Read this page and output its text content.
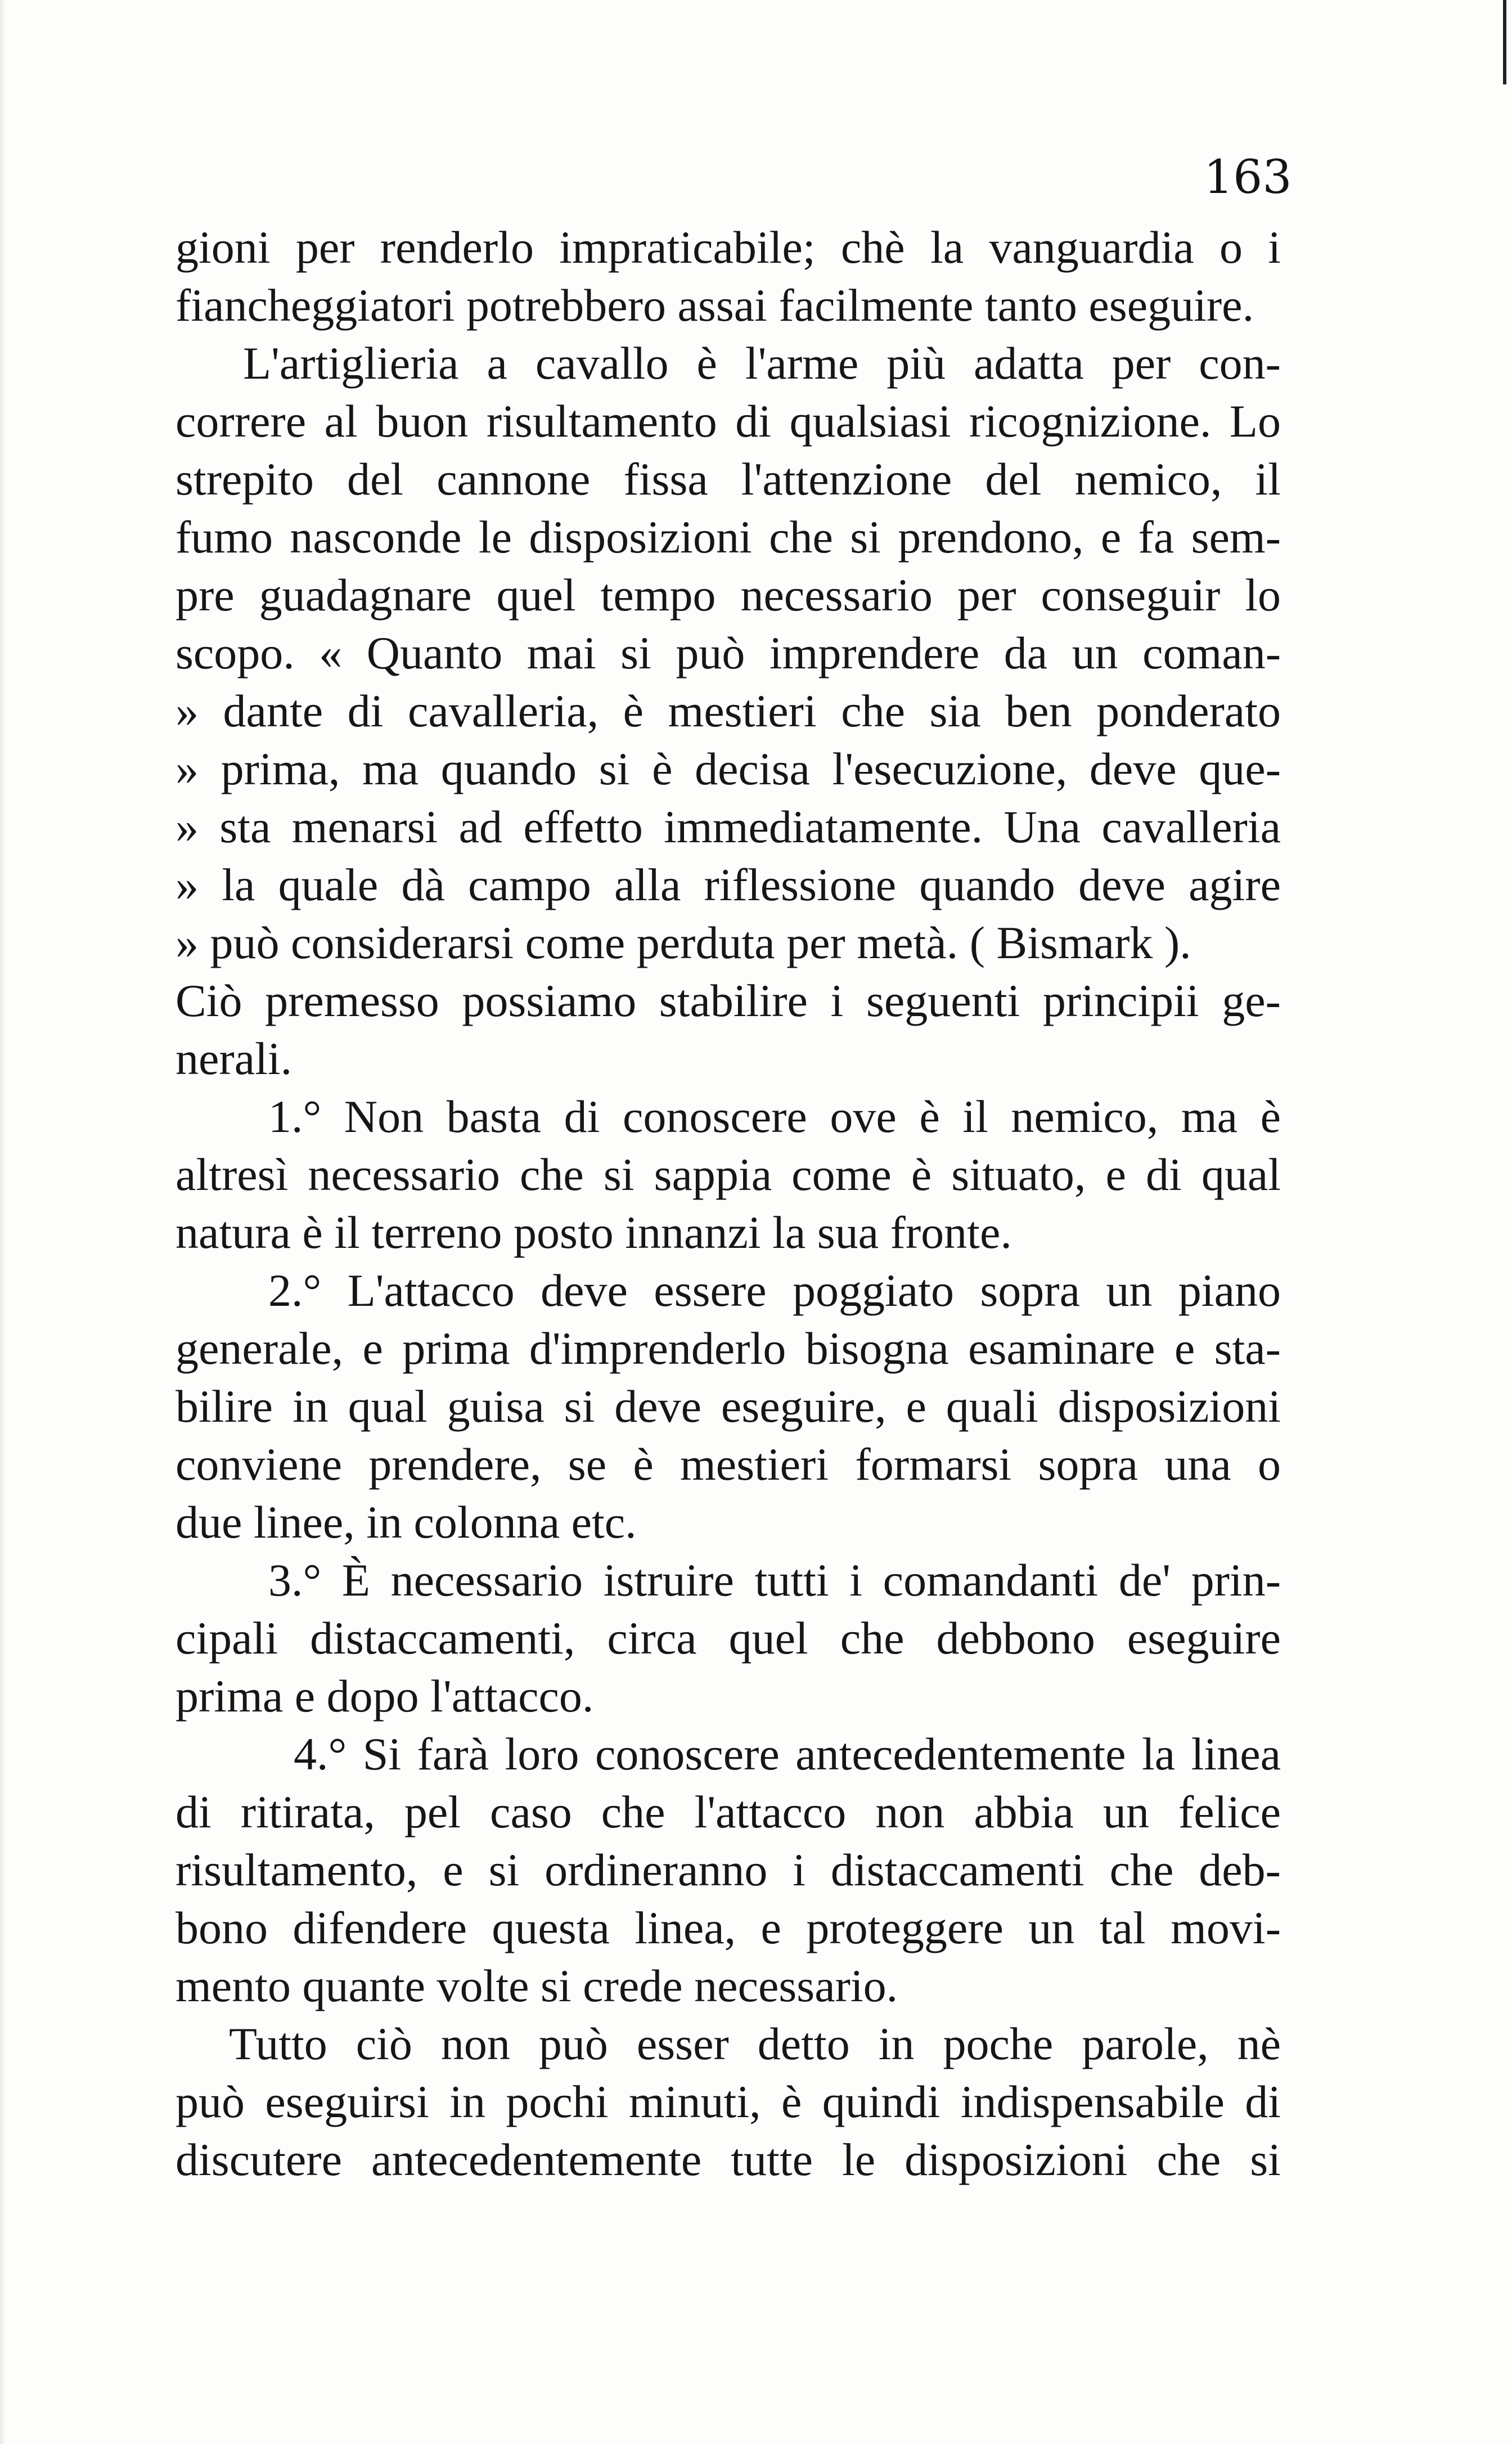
163
gioni per renderlo impraticabile; chè la vanguardia o i
fiancheggiatori potrebbero assai facilmente tanto eseguire.
L'artiglieria a cavallo è l'arme più adatta per con-
correre al buon risultamento di qualsiasi ricognizione. Lo
strepito del cannone fissa l'attenzione del nemico, il
fumo nasconde le disposizioni che si prendono, e fa sem-
pre guadagnare quel tempo necessario per conseguir lo
scopo. « Quanto mai si può imprendere da un coman-
» dante di cavalleria, è mestieri che sia ben ponderato
» prima, ma quando si è decisa l'esecuzione, deve que-
» sta menarsi ad effetto immediatamente. Una cavalleria
» la quale dà campo alla riflessione quando deve agire
» può considerarsi come perduta per metà. ( Bismark ).
Ciò premesso possiamo stabilire i seguenti principii ge-
nerali.
1.° Non basta di conoscere ove è il nemico, ma è
altresì necessario che si sappia come è situato, e di qual
natura è il terreno posto innanzi la sua fronte.
2.° L'attacco deve essere poggiato sopra un piano
generale, e prima d'imprenderlo bisogna esaminare e sta-
bilire in qual guisa si deve eseguire, e quali disposizioni
conviene prendere, se è mestieri formarsi sopra una o
due linee, in colonna etc.
3.° È necessario istruire tutti i comandanti de' prin-
cipali distaccamenti, circa quel che debbono eseguire
prima e dopo l'attacco.
4.° Si farà loro conoscere antecedentemente la linea
di ritirata, pel caso che l'attacco non abbia un felice
risultamento, e si ordineranno i distaccamenti che deb-
bono difendere questa linea, e proteggere un tal movi-
mento quante volte si crede necessario.
Tutto ciò non può esser detto in poche parole, nè
può eseguirsi in pochi minuti, è quindi indispensabile di
discutere antecedentemente tutte le disposizioni che si
